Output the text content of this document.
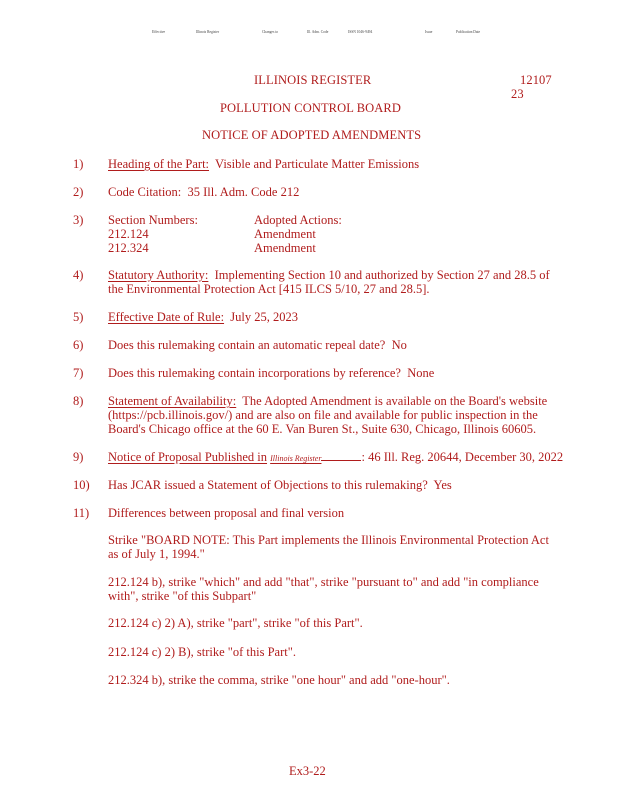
Effective	Illinois Register	Changes to	Ill. Adm. Code	ISSN 1046-9494	Issue	Publication Date
ILLINOIS REGISTER	12107
23
POLLUTION CONTROL BOARD
NOTICE OF ADOPTED AMENDMENTS
1) Heading of the Part: Visible and Particulate Matter Emissions
2) Code Citation: 35 Ill. Adm. Code 212
3) Section Numbers:	Adopted Actions:
212.124	Amendment
212.324	Amendment
4) Statutory Authority: Implementing Section 10 and authorized by Section 27 and 28.5 of
the Environmental Protection Act [415 ILCS 5/10, 27 and 28.5].
5) Effective Date of Rule: July 25, 2023
6) Does this rulemaking contain an automatic repeal date? No
7) Does this rulemaking contain incorporations by reference? None
8) Statement of Availability: The Adopted Amendment is available on the Board's website
(https://pcb.illinois.gov/) and are also on file and available for public inspection in the
Board's Chicago office at the 60 E. Van Buren St., Suite 630, Chicago, Illinois 60605.
9) Notice of Proposal Published in Illinois Register	: 46 Ill. Reg. 20644, December 30, 2022
10) Has JCAR issued a Statement of Objections to this rulemaking? Yes
11) Differences between proposal and final version
Strike "BOARD NOTE: This Part implements the Illinois Environmental Protection Act
as of July 1, 1994."
212.124 b), strike "which" and add "that", strike "pursuant to" and add "in compliance
with", strike "of this Subpart"
212.124 c) 2) A), strike "part", strike "of this Part".
212.124 c) 2) B), strike "of this Part".
212.324 b), strike the comma, strike "one hour" and add "one-hour".
Ex3-22
